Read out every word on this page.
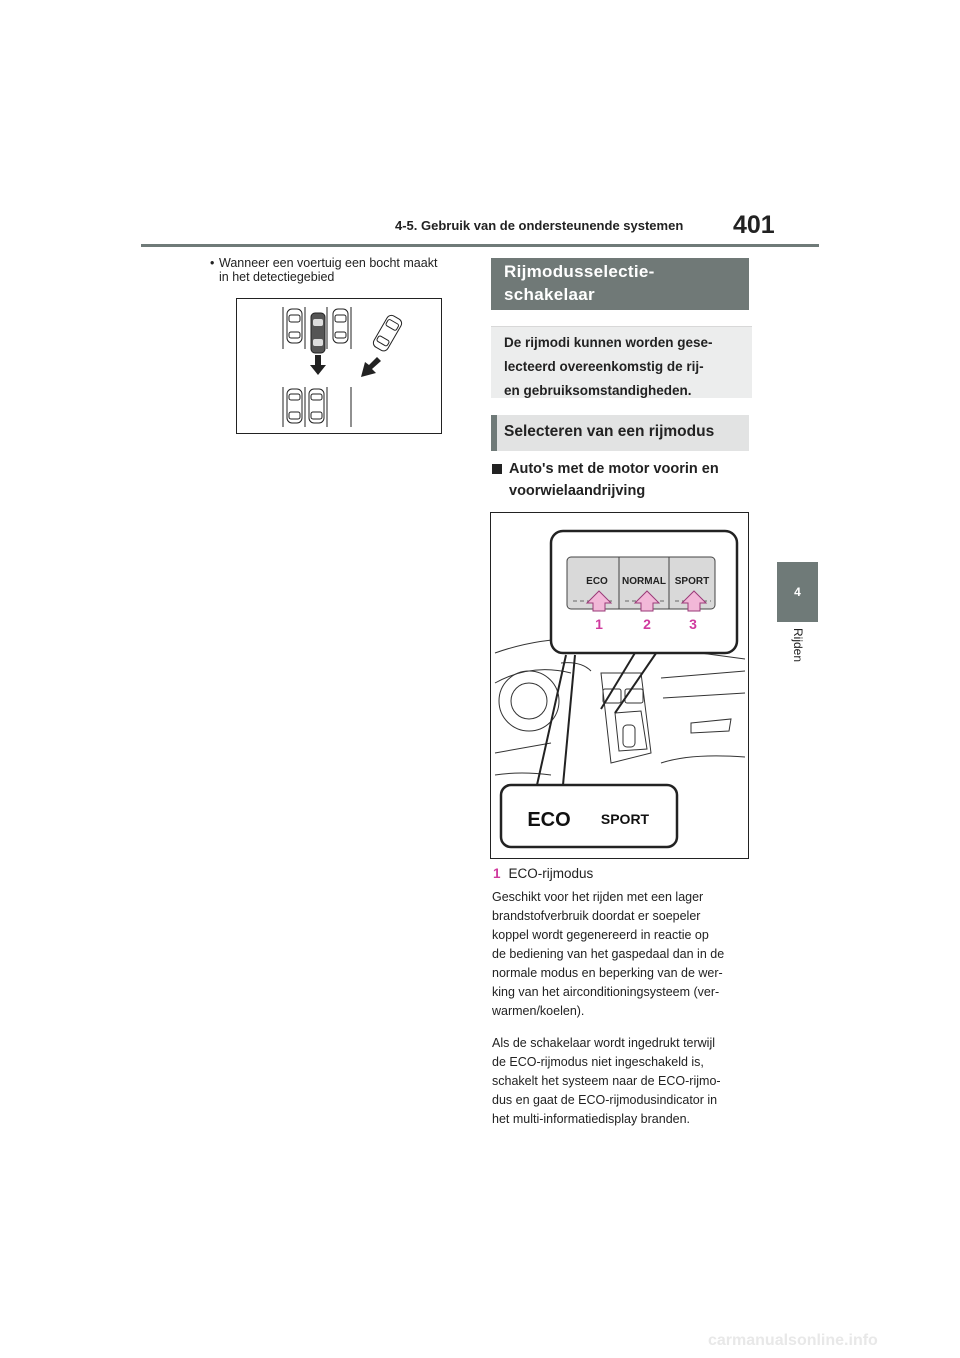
4-5. Gebruik van de ondersteunende systemen 401
4
Rijden
• Wanneer een voertuig een bocht maakt
in het detectiegebied	Rijmodusselectie-
schakelaar
De rijmodi kunnen worden gese-
lecteerd overeenkomstig de rij-
en gebruiksomstandigheden.
Selecteren van een rijmodus
Auto's met de motor voorin en
voorwielaandrijving
ECO NORMAL SPORT
1	2	3
ECO SPORT
1 ECO-rijmodus
Geschikt voor het rijden met een lager
brandstofverbruik doordat er soepeler
koppel wordt gegenereerd in reactie op
de bediening van het gaspedaal dan in de
normale modus en beperking van de wer-
king van het airconditioningsysteem (ver-
warmen/koelen).
Als de schakelaar wordt ingedrukt terwijl
de ECO-rijmodus niet ingeschakeld is,
schakelt het systeem naar de ECO-rijmo-
dus en gaat de ECO-rijmodusindicator in
het multi-informatiedisplay branden.
carmanualsonline.info
